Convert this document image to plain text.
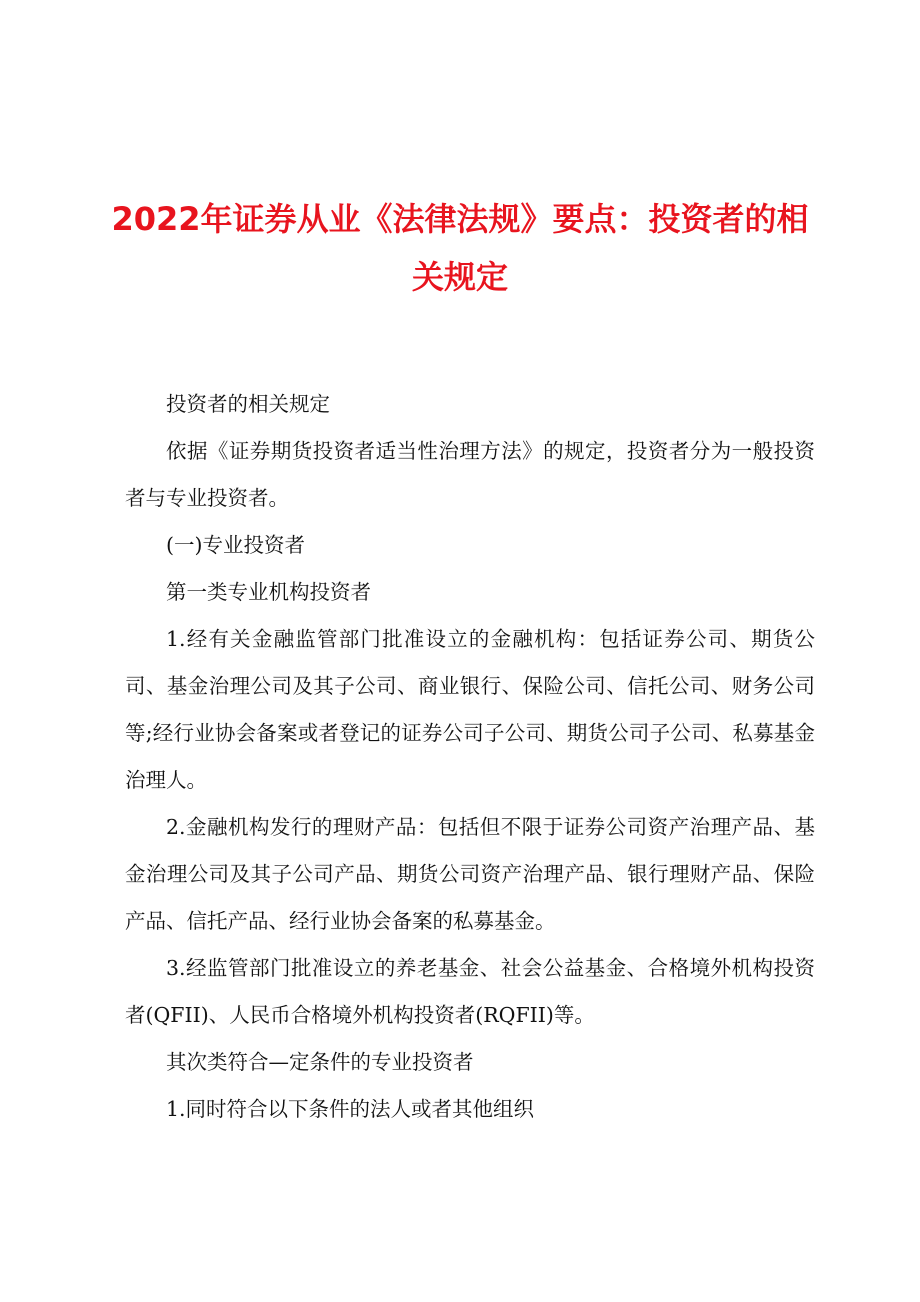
2022年证券从业《法律法规》要点：投资者的相关规定

投资者的相关规定

依据《证券期货投资者适当性治理方法》的规定，投资者分为一般投资者与专业投资者。

(一)专业投资者

第一类专业机构投资者

1.经有关金融监管部门批准设立的金融机构：包括证券公司、期货公司、基金治理公司及其子公司、商业银行、保险公司、信托公司、财务公司等;经行业协会备案或者登记的证券公司子公司、期货公司子公司、私募基金治理人。

2.金融机构发行的理财产品：包括但不限于证券公司资产治理产品、基金治理公司及其子公司产品、期货公司资产治理产品、银行理财产品、保险产品、信托产品、经行业协会备案的私募基金。

3.经监管部门批准设立的养老基金、社会公益基金、合格境外机构投资者(QFII)、人民币合格境外机构投资者(RQFII)等。

其次类符合—定条件的专业投资者

1.同时符合以下条件的法人或者其他组织
